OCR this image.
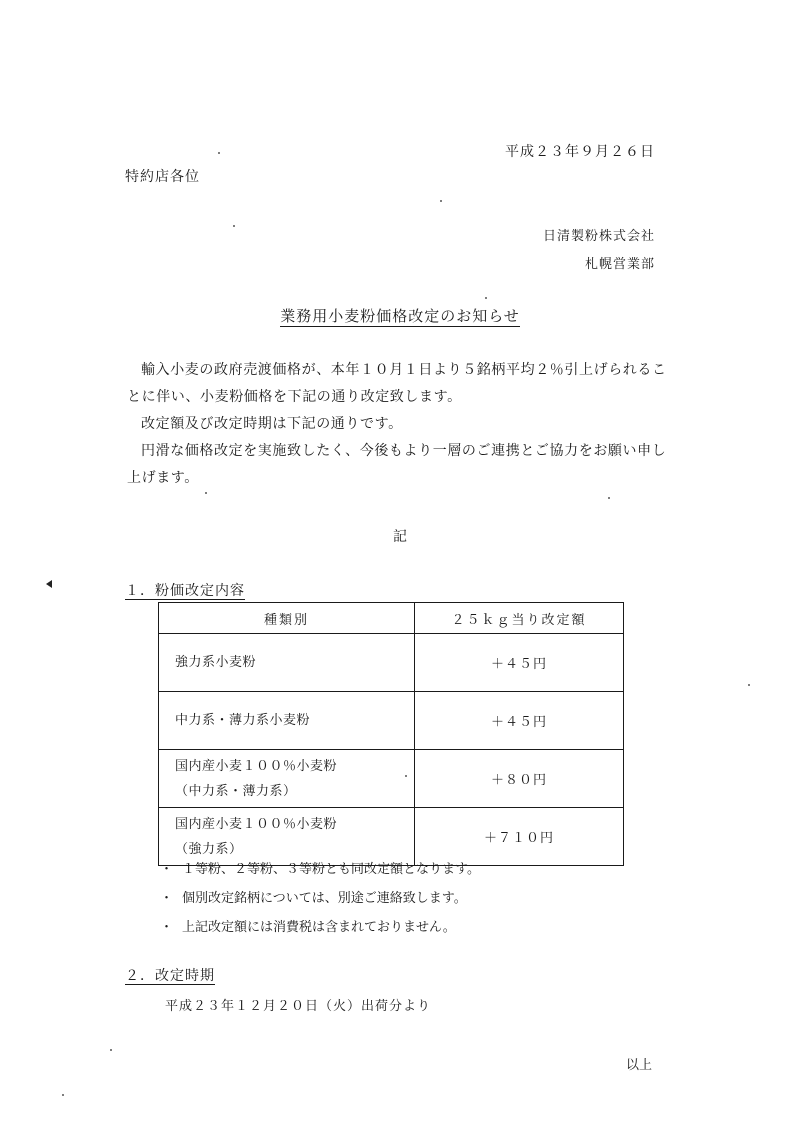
平成２３年９月２６日
特約店各位
日清製粉株式会社
札幌営業部
業務用小麦粉価格改定のお知らせ
輸入小麦の政府売渡価格が、本年１０月１日より５銘柄平均２％引上げられることに伴い、小麦粉価格を下記の通り改定致します。
改定額及び改定時期は下記の通りです。
円滑な価格改定を実施致したく、今後もより一層のご連携とご協力をお願い申し上げます。
記
１．粉価改定内容
種類別	２５ｋｇ当り改定額

強力系小麦粉	＋４５円

中力系・薄力系小麦粉	＋４５円

国内産小麦１００％小麦粉
（中力系・薄力系）	＋８０円

国内産小麦１００％小麦粉
（強力系）	＋７１０円
・ １等粉、２等粉、３等粉とも同改定額となります。
・ 個別改定銘柄については、別途ご連絡致します。
・ 上記改定額には消費税は含まれておりません。
２．改定時期
平成２３年１２月２０日（火）出荷分より
以上
